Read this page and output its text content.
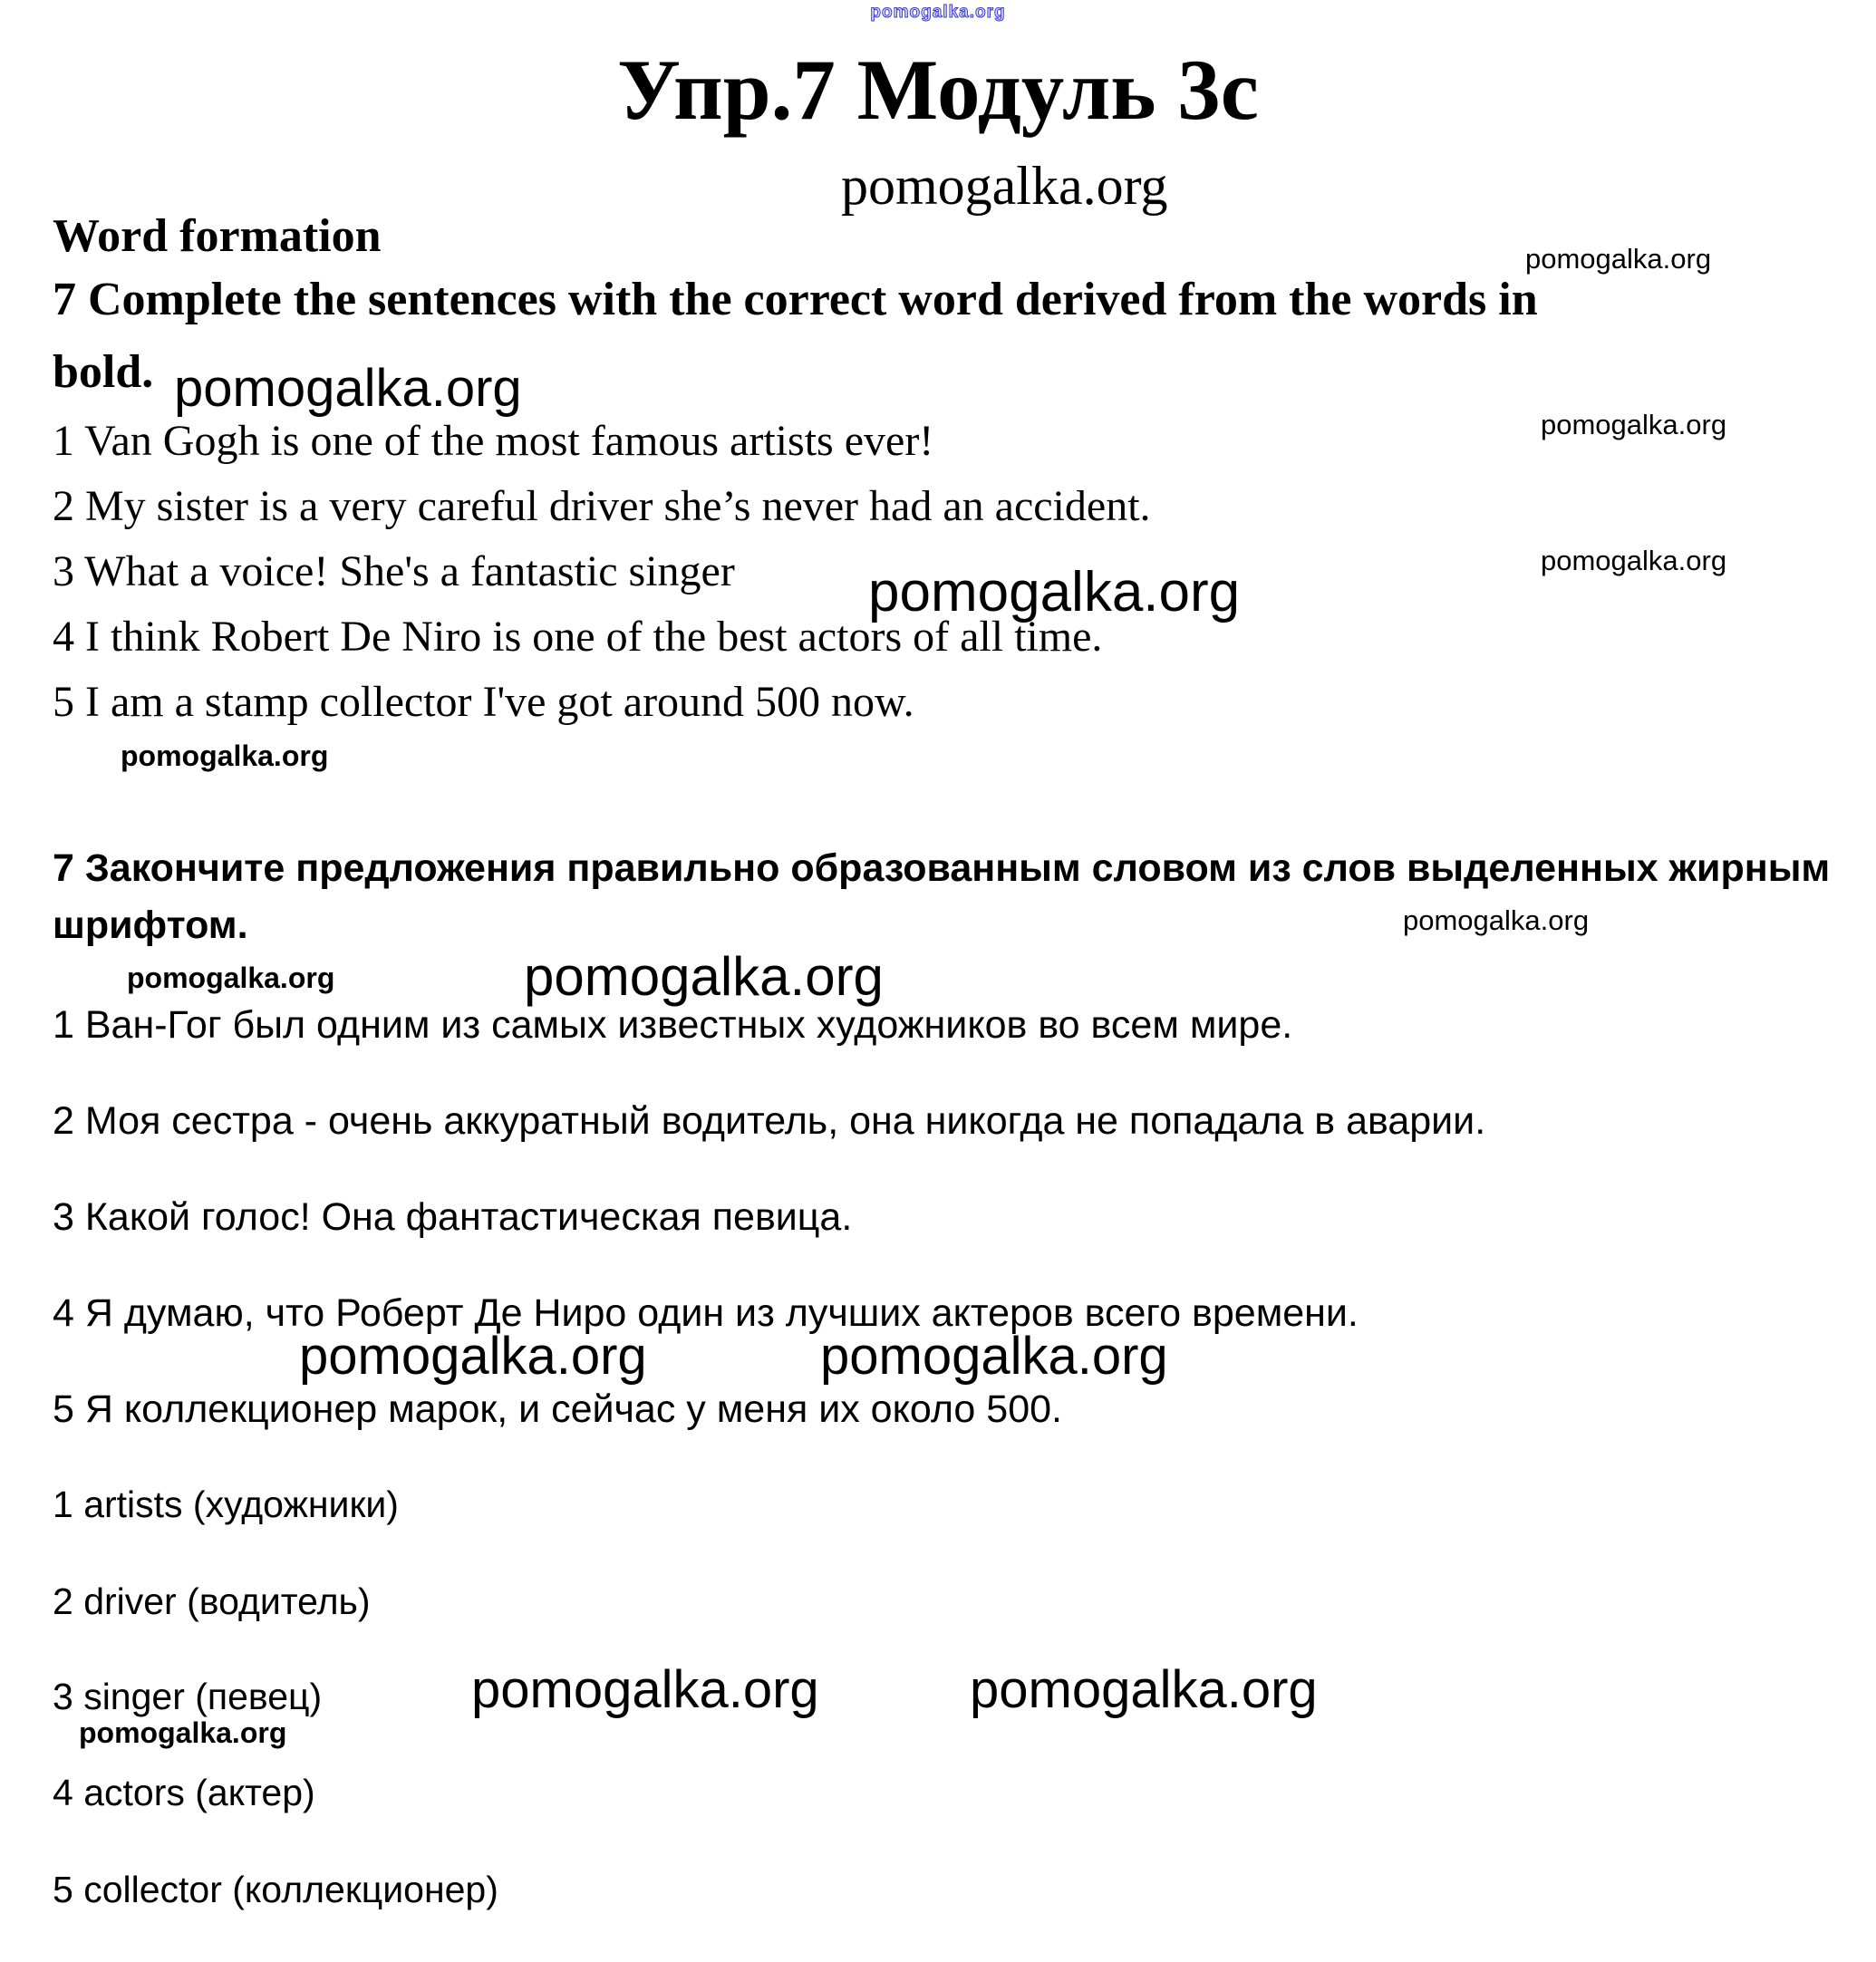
pomogalka.org
Упр.7 Модуль 3c
Word formation
pomogalka.org
pomogalka.org
7 Complete the sentences with the correct word derived from the words in
bold. pomogalka.org
1 Van Gogh is one of the most famous artists ever!
2 My sister is a very careful driver she’s never had an accident.
3 What a voice! She's a fantastic singer
4 I think Robert De Niro is one of the best actors of all time.
5 I am a stamp collector I've got around 500 now.
pomogalka.org
pomogalka.org
pomogalka.org
pomogalka.org
7 Закончите предложения правильно образованным словом из слов выделенных жирным
шрифтом.	pomogalka.org
pomogalka.org	pomogalka.org
1 Ван-Гог был одним из самых известных художников во всем мире.
2 Моя сестра - очень аккуратный водитель, она никогда не попадала в аварии.
3 Какой голос! Она фантастическая певица.
4 Я думаю, что Роберт Де Ниро один из лучших актеров всего времени.
5 Я коллекционер марок, и сейчас у меня их около 500.
pomogalka.org	pomogalka.org
1 artists (художники)
2 driver (водитель)
3 singer (певец)
4 actors (актер)
5 collector (коллекционер)
pomogalka.org	pomogalka.org
pomogalka.org
